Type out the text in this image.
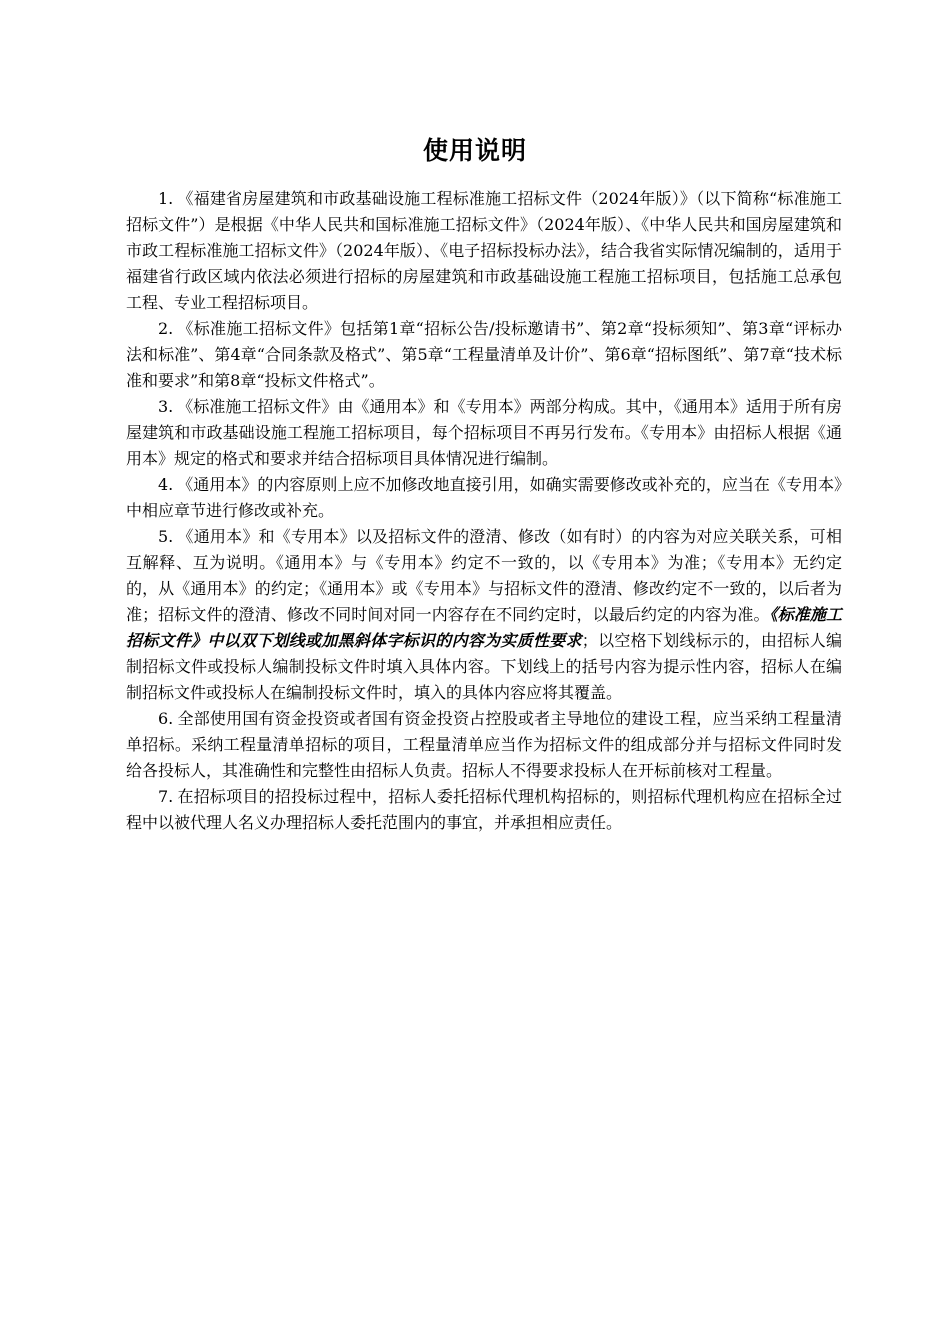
使用说明

1. 《福建省房屋建筑和市政基础设施工程标准施工招标文件（2024年版）》（以下简称“标准施工招标文件”）是根据《中华人民共和国标准施工招标文件》（2024年版）、《中华人民共和国房屋建筑和市政工程标准施工招标文件》（2024年版）、《电子招标投标办法》，结合我省实际情况编制的，适用于福建省行政区域内依法必须进行招标的房屋建筑和市政基础设施工程施工招标项目，包括施工总承包工程、专业工程招标项目。

2. 《标准施工招标文件》包括第1章“招标公告/投标邀请书”、第2章“投标须知”、第3章“评标办法和标准”、第4章“合同条款及格式”、第5章“工程量清单及计价”、第6章“招标图纸”、第7章“技术标准和要求”和第8章“投标文件格式”。

3. 《标准施工招标文件》由《通用本》和《专用本》两部分构成。其中，《通用本》适用于所有房屋建筑和市政基础设施工程施工招标项目，每个招标项目不再另行发布。《专用本》由招标人根据《通用本》规定的格式和要求并结合招标项目具体情况进行编制。

4. 《通用本》的内容原则上应不加修改地直接引用，如确实需要修改或补充的，应当在《专用本》中相应章节进行修改或补充。

5. 《通用本》和《专用本》以及招标文件的澄清、修改（如有时）的内容为对应关联关系，可相互解释、互为说明。《通用本》与《专用本》约定不一致的，以《专用本》为准；《专用本》无约定的，从《通用本》的约定；《通用本》或《专用本》与招标文件的澄清、修改约定不一致的，以后者为准；招标文件的澄清、修改不同时间对同一内容存在不同约定时，以最后约定的内容为准。《标准施工招标文件》中以双下划线或加黑斜体字标识的内容为实质性要求；以空格下划线标示的，由招标人编制招标文件或投标人编制投标文件时填入具体内容。下划线上的括号内容为提示性内容，招标人在编制招标文件或投标人在编制投标文件时，填入的具体内容应将其覆盖。

6. 全部使用国有资金投资或者国有资金投资占控股或者主导地位的建设工程，应当采纳工程量清单招标。采纳工程量清单招标的项目，工程量清单应当作为招标文件的组成部分并与招标文件同时发给各投标人，其准确性和完整性由招标人负责。招标人不得要求投标人在开标前核对工程量。

7. 在招标项目的招投标过程中，招标人委托招标代理机构招标的，则招标代理机构应在招标全过程中以被代理人名义办理招标人委托范围内的事宜，并承担相应责任。
